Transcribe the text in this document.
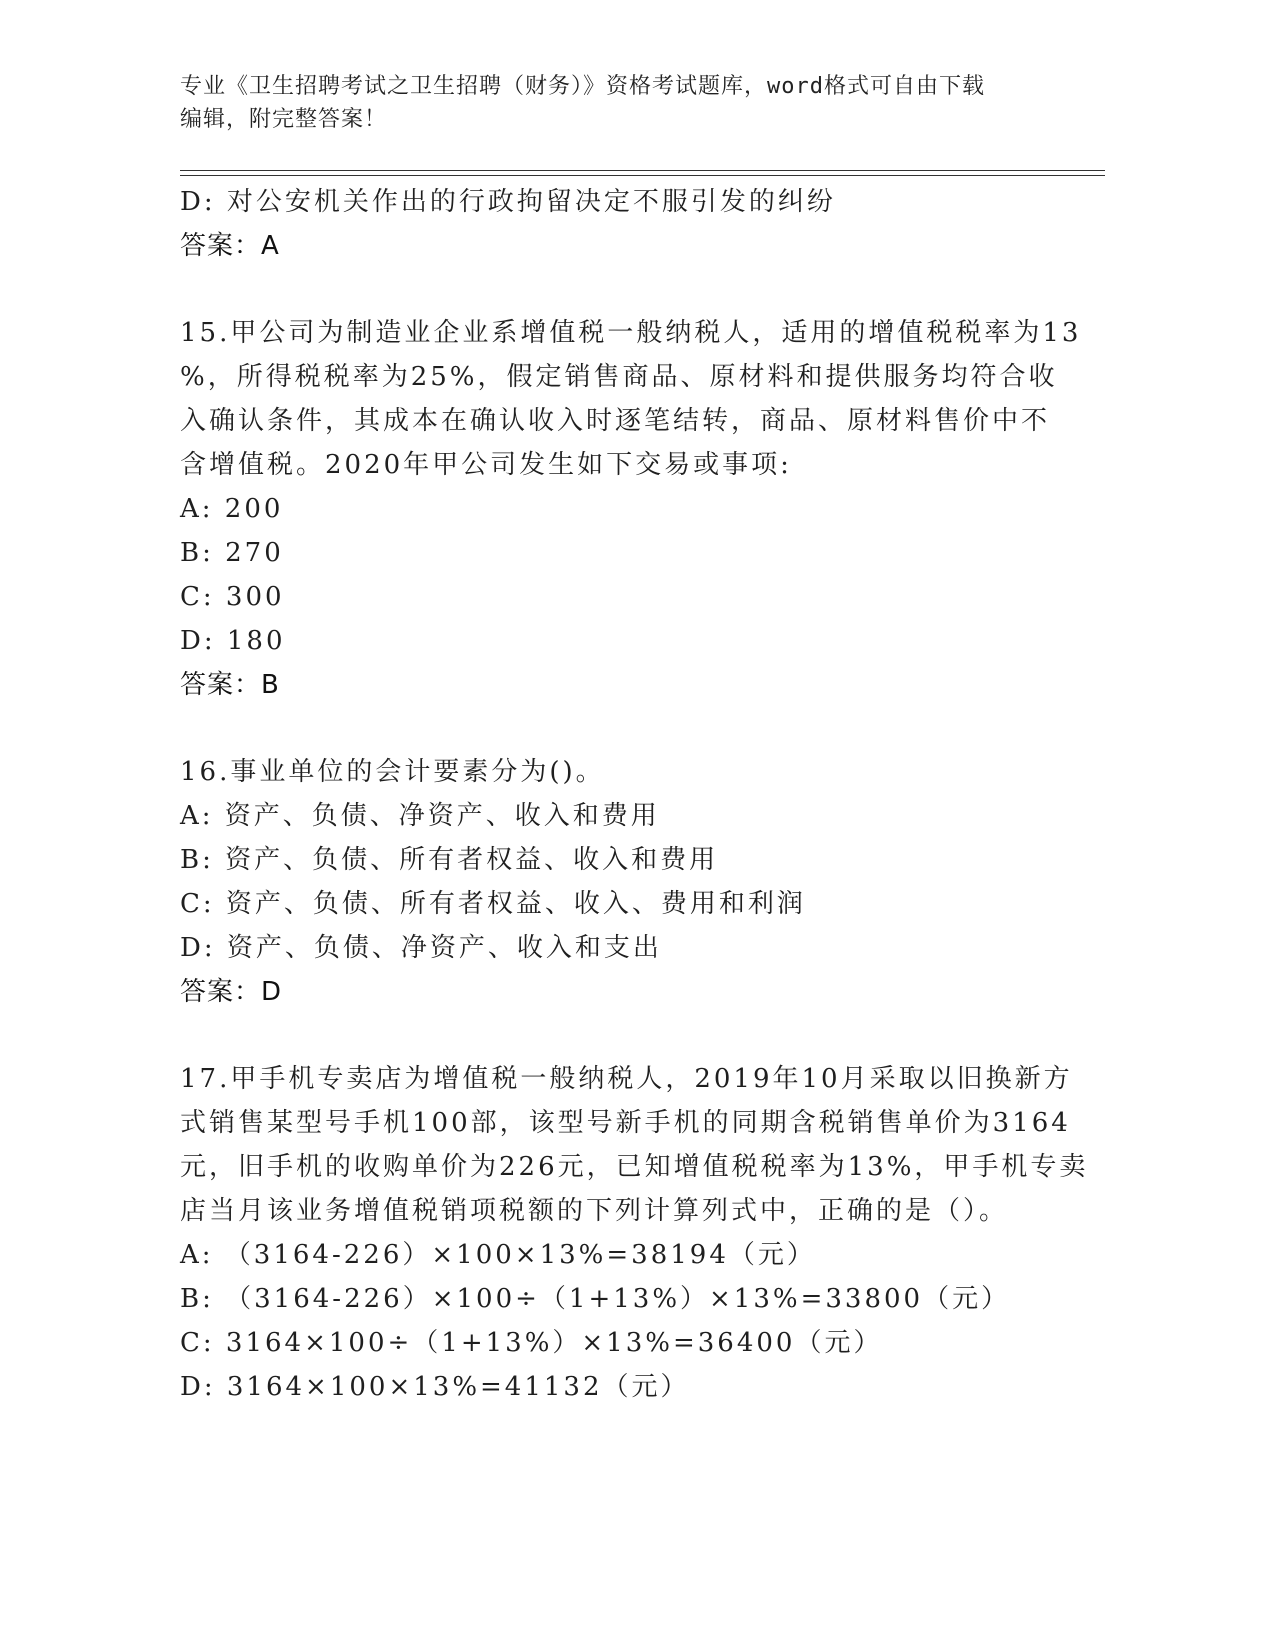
专业《卫生招聘考试之卫生招聘（财务）》资格考试题库，word格式可自由下载
编辑，附完整答案！
D: 对公安机关作出的行政拘留决定不服引发的纠纷
答案：A
15.甲公司为制造业企业系增值税一般纳税人，适用的增值税税率为13
%，所得税税率为25%，假定销售商品、原材料和提供服务均符合收
入确认条件，其成本在确认收入时逐笔结转，商品、原材料售价中不
含增值税。2020年甲公司发生如下交易或事项:
A: 200
B: 270
C: 300
D: 180
答案：B
16.事业单位的会计要素分为()。
A: 资产、负债、净资产、收入和费用
B: 资产、负债、所有者权益、收入和费用
C: 资产、负债、所有者权益、收入、费用和利润
D: 资产、负债、净资产、收入和支出
答案：D
17.甲手机专卖店为增值税一般纳税人，2019年10月采取以旧换新方
式销售某型号手机100部，该型号新手机的同期含税销售单价为3164
元，旧手机的收购单价为226元，已知增值税税率为13%，甲手机专卖
店当月该业务增值税销项税额的下列计算列式中，正确的是（）。
A: （3164-226）×100×13%=38194（元）
B: （3164-226）×100÷（1+13%）×13%=33800（元）
C: 3164×100÷（1+13%）×13%=36400（元）
D: 3164×100×13%=41132（元）
